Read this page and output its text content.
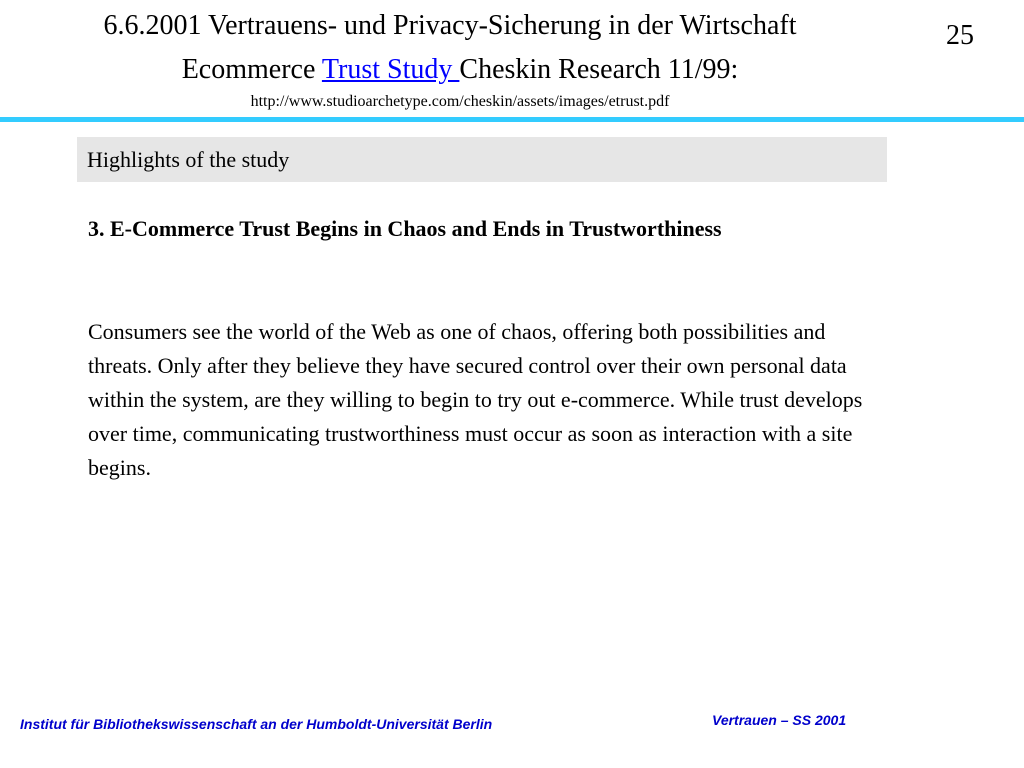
6.6.2001 Vertrauens- und Privacy-Sicherung in der Wirtschaft
Ecommerce Trust Study Cheskin Research 11/99:
http://www.studioarchetype.com/cheskin/assets/images/etrust.pdf
25
Highlights of the study
3. E-Commerce Trust Begins in Chaos and Ends in Trustworthiness
Consumers see the world of the Web as one of chaos, offering both possibilities and threats. Only after they believe they have secured control over their own personal data within the system, are they willing to begin to try out e-commerce. While trust develops over time, communicating trustworthiness must occur as soon as interaction with a site begins.
Institut für Bibliothekswissenschaft an der Humboldt-Universität Berlin	Vertrauen – SS 2001
